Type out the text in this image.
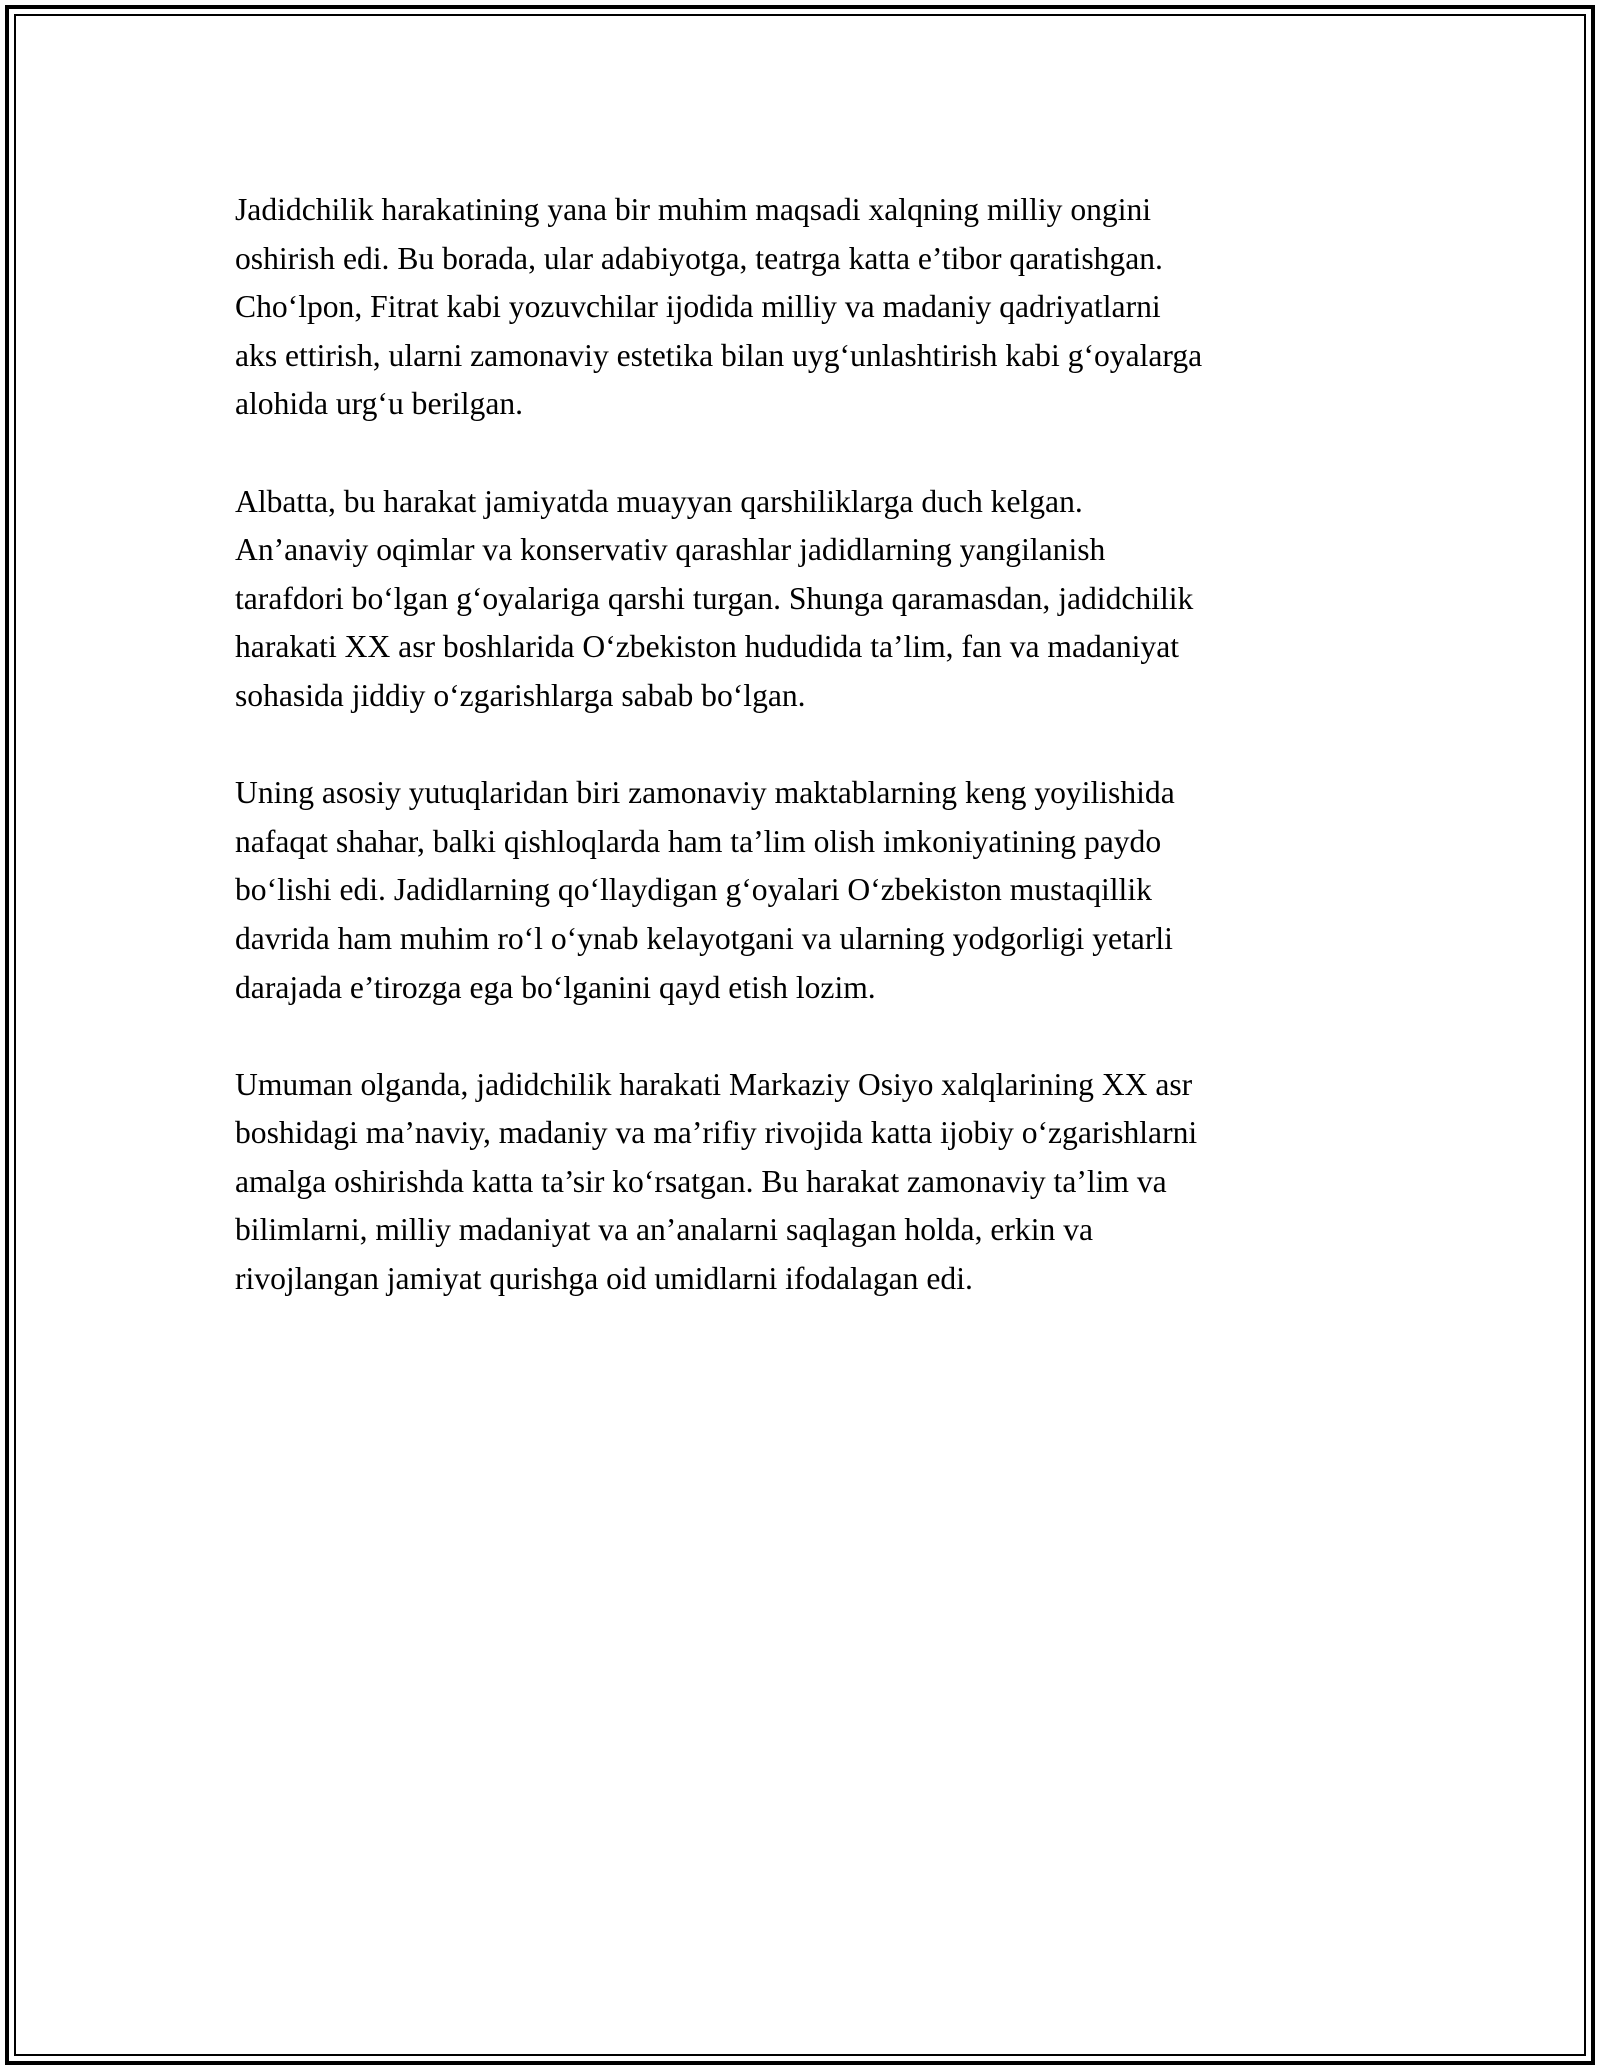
Jadidchilik harakatining yana bir muhim maqsadi xalqning milliy ongini
oshirish edi. Bu borada, ular adabiyotga, teatrga katta e’tibor qaratishgan.
Cho‘lpon, Fitrat kabi yozuvchilar ijodida milliy va madaniy qadriyatlarni
aks ettirish, ularni zamonaviy estetika bilan uyg‘unlashtirish kabi g‘oyalarga
alohida urg‘u berilgan.

Albatta, bu harakat jamiyatda muayyan qarshiliklarga duch kelgan.
An’anaviy oqimlar va konservativ qarashlar jadidlarning yangilanish
tarafdori bo‘lgan g‘oyalariga qarshi turgan. Shunga qaramasdan, jadidchilik
harakati XX asr boshlarida O‘zbekiston hududida ta’lim, fan va madaniyat
sohasida jiddiy o‘zgarishlarga sabab bo‘lgan.

Uning asosiy yutuqlaridan biri zamonaviy maktablarning keng yoyilishida
nafaqat shahar, balki qishloqlarda ham ta’lim olish imkoniyatining paydo
bo‘lishi edi. Jadidlarning qo‘llaydigan g‘oyalari O‘zbekiston mustaqillik
davrida ham muhim ro‘l o‘ynab kelayotgani va ularning yodgorligi yetarli
darajada e’tirozga ega bo‘lganini qayd etish lozim.

Umuman olganda, jadidchilik harakati Markaziy Osiyo xalqlarining XX asr
boshidagi ma’naviy, madaniy va ma’rifiy rivojida katta ijobiy o‘zgarishlarni
amalga oshirishda katta ta’sir ko‘rsatgan. Bu harakat zamonaviy ta’lim va
bilimlarni, milliy madaniyat va an’analarni saqlagan holda, erkin va
rivojlangan jamiyat qurishga oid umidlarni ifodalagan edi.
